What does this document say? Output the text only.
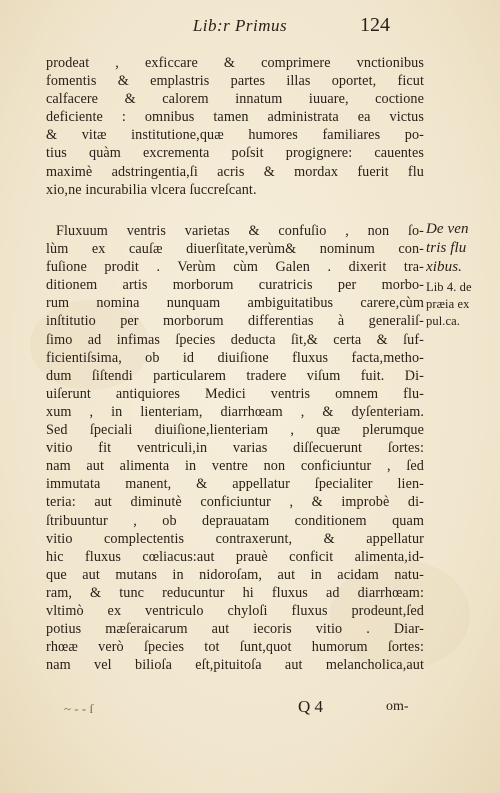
Lib:r Primus	124
prodeat , exficcare & comprimere vnctionibus
fomentis & emplastris partes illas oportet, ficut
calfacere & calorem innatum iuuare, coctione
deficiente : omnibus tamen administrata ea victus
& vitæ institutione,quæ humores familiares po-
tius quàm excrementa poſsit progignere: cauentes
maximè adstringentia,ſi acris & mordax fuerit flu
xio,ne incurabilia vlcera ſuccreſcant.
Fluxuum ventris varietas & confuſio , non ſo-
lùm ex cauſæ diuerſitate,verùm& nominum con-
fuſione prodit . Verùm cùm Galen . dixerit tra-
ditionem artis morborum curatricis per morbo-
rum nomina nunquam ambiguitatibus carere,cùm
inſtitutio per morborum differentias à generaliſ-
ſimo ad infimas ſpecies deducta ſit,& certa & ſuf-
ficientiſsima, ob id diuiſione fluxus facta,metho-
dum ſiſtendi particularem tradere viſum fuit. Di-
uiſerunt antiquiores Medici ventris omnem flu-
xum , in lienteriam, diarrhœam , & dyſenteriam.
Sed ſpeciali diuiſione,lienteriam , quæ plerumque
vitio fit ventriculi,in varias diſſecuerunt ſortes:
nam aut alimenta in ventre non conficiuntur , ſed
immutata manent, & appellatur ſpecialiter lien-
teria: aut diminutè conficiuntur , & improbè di-
ſtribuuntur , ob deprauatam conditionem quam
vitio complectentis contraxerunt, & appellatur
hic fluxus cœliacus:aut prauè conficit alimenta,id-
que aut mutans in nidoroſam, aut in acidam natu-
ram, & tunc reducuntur hi fluxus ad diarrhœam:
vltimò ex ventriculo chyloſi fluxus prodeunt,ſed
potius mæſeraicarum aut iecoris vitio . Diar-
rhœæ verò ſpecies tot ſunt,quot humorum ſortes:
nam vel bilioſa eſt,pituitoſa aut melancholica,aut
De ven
tris flu
xibus.
Lib 4. de
præia ex
pul.ca.
~ - - ſ	Q 4	om-
